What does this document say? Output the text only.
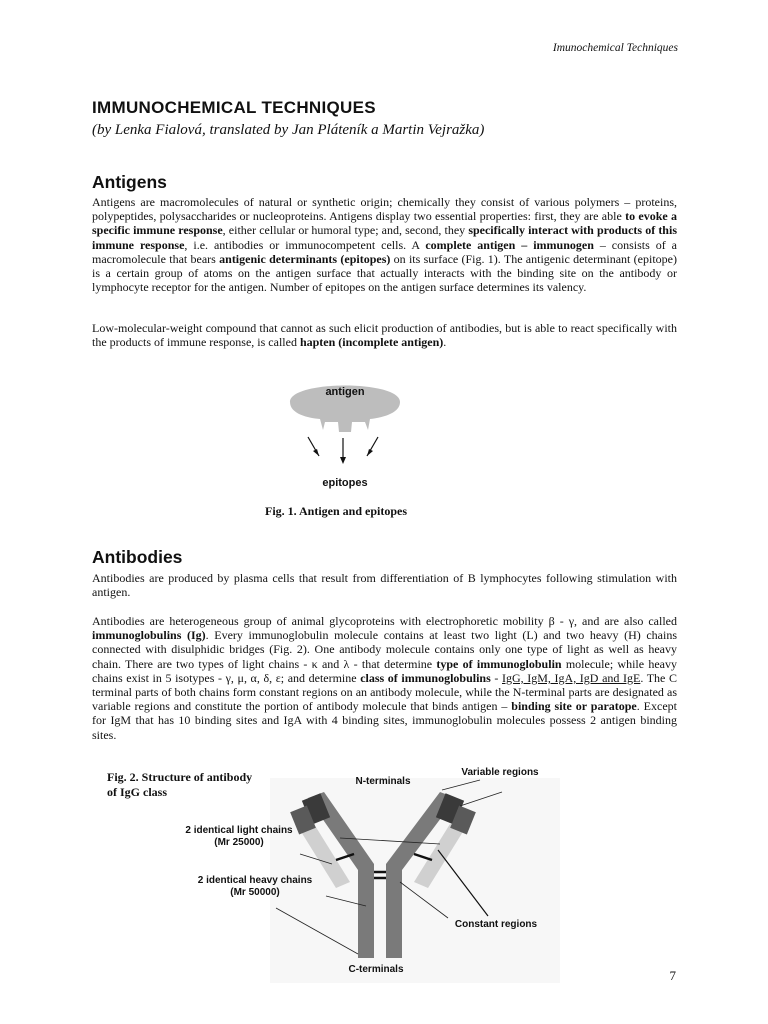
Imunochemical Techniques
IMMUNOCHEMICAL TECHNIQUES
(by Lenka Fialová, translated by Jan Pláteník a Martin Vejražka)
Antigens

Antigens are macromolecules of natural or synthetic origin; chemically they consist of various polymers – proteins, polypeptides, polysaccharides or nucleoproteins. Antigens display two essential properties: first, they are able to evoke a specific immune response, either cellular or humoral type; and, second, they specifically interact with products of this immune response, i.e. antibodies or immunocompetent cells. A complete antigen – immunogen – consists of a macromolecule that bears antigenic determinants (epitopes) on its surface (Fig. 1). The antigenic determinant (epitope) is a certain group of atoms on the antigen surface that actually interacts with the binding site on the antibody or lymphocyte receptor for the antigen. Number of epitopes on the antigen surface determines its valency.

Low-molecular-weight compound that cannot as such elicit production of antibodies, but is able to react specifically with the products of immune response, is called hapten (incomplete antigen).

antigen
epitopes
Fig. 1. Antigen and epitopes
Antibodies

Antibodies are produced by plasma cells that result from differentiation of B lymphocytes following stimulation with antigen.

Antibodies are heterogeneous group of animal glycoproteins with electrophoretic mobility β - γ, and are also called immunoglobulins (Ig). Every immunoglobulin molecule contains at least two light (L) and two heavy (H) chains connected with disulphidic bridges (Fig. 2). One antibody molecule contains only one type of light as well as heavy chain. There are two types of light chains - κ and λ - that determine type of immunoglobulin molecule; while heavy chains exist in 5 isotypes - γ, μ, α, δ, ε; and determine class of immunoglobulins - IgG, IgM, IgA, IgD and IgE. The C terminal parts of both chains form constant regions on an antibody molecule, while the N-terminal parts are designated as variable regions and constitute the portion of antibody molecule that binds antigen – binding site or paratope. Except for IgM that has 10 binding sites and IgA with 4 binding sites, immunoglobulin molecules possess 2 antigen binding sites.

Fig. 2. Structure of antibody
of IgG class
N-terminals
Variable regions
2 identical light chains
(Mr 25000)
2 identical heavy chains
(Mr 50000)
Constant regions
C-terminals	7
